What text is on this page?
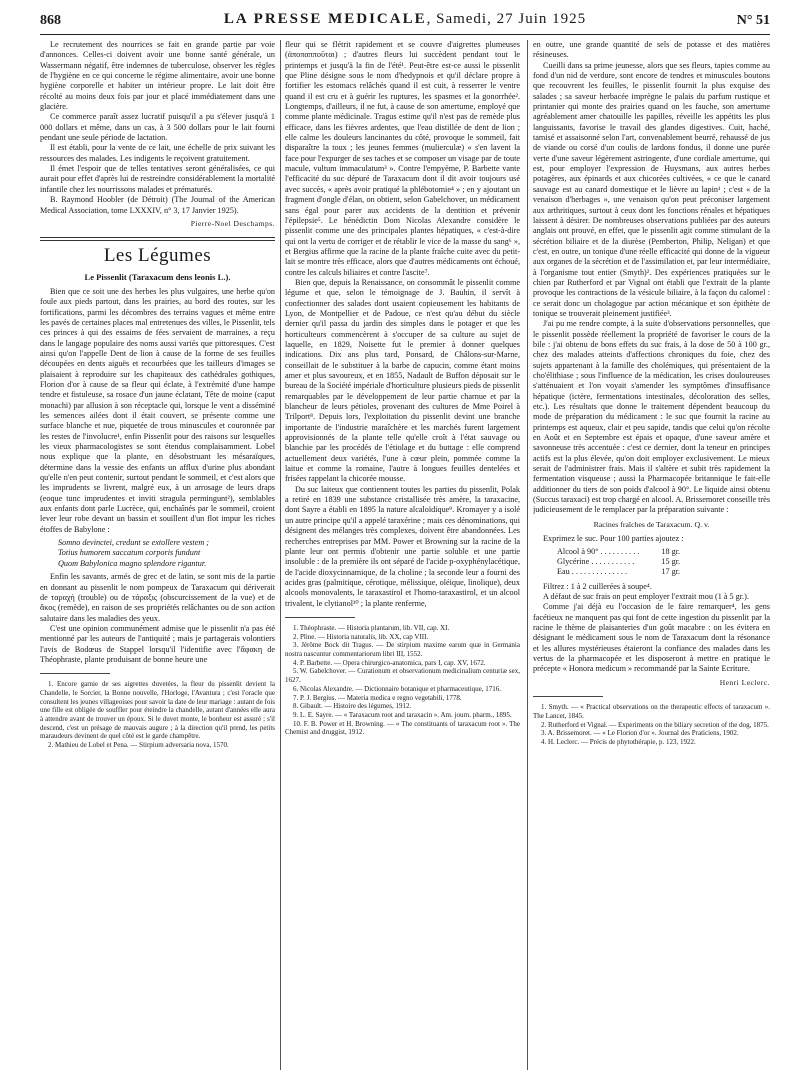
868	LA PRESSE MEDICALE, Samedi, 27 Juin 1925	N° 51

Le recrutement des nourrices se fait en grande partie par voie d'annonces. Celles-ci doivent avoir une bonne santé générale, un Wassermann négatif, être indemnes de tuberculose, observer les règles de l'hygiène en ce qui concerne le régime alimentaire, avoir une bonne hygiène corporelle et habiter un intérieur propre. Le lait doit être récolté au moins deux fois par jour et placé immédiatement dans une glacière.

Ce commerce paraît assez lucratif puisqu'il a pu s'élever jusqu'à 1 000 dollars et même, dans un cas, à 3 500 dollars pour le lait fourni pendant une seule période de lactation.

Il est établi, pour la vente de ce lait, une échelle de prix suivant les ressources des malades. Les indigents le reçoivent gratuitement.

Il émet l'espoir que de telles tentatives seront généralisées, ce qui aurait pour effet d'après lui de restreindre considérablement la mortalité infantile chez les nourrissons malades et prématurés.

B. Raymond Hoobler (de Détroit) (The Journal of the American Medical Association, tome LXXXIV, n° 3, 17 Janvier 1925).

Pierre-Noel Deschamps.
Les Légumes
Le Pissenlit (Taraxacum dens leonis L.).

Bien que ce soit une des herbes les plus vulgaires, une herbe qu'on foule aux pieds partout, dans les prairies, au bord des routes, sur les fortifications, parmi les décombres des terrains vagues et même entre les pavés de certaines places mal entretenues des villes, le Pissenlit, tels ces princes à qui des essaims de fées servaient de marraines, a reçu dans le langage populaire des noms aussi variés que pittoresques. C'est ainsi qu'on l'appelle Dent de lion à cause de la forme de ses feuilles découpées en dents aiguës et recourbées que les tailleurs d'images se plaisaient à reproduire sur les chapiteaux des cathédrales gothiques, Florion d'or à cause de sa fleur qui éclate, à l'extrémité d'une hampe tendre et fistuleuse, sa rosace d'un jaune éclatant, Tête de moine (caput monachi) par allusion à son réceptacle qui, lorsque le vent a disséminé les semences ailées dont il était couvert, se présente comme une surface blanche et nue, piquetée de trous minuscules et couronnée par les restes de l'involucre¹, enfin Pissenlit pour des raisons sur lesquelles les vieux pharmacologistes se sont étendus complaisamment. Lobel nous explique que la plante, en désobstruant les mésaraïques, détermine dans la vessie des enfants un afflux d'urine plus abondant qu'elle n'en peut contenir, surtout pendant le sommeil, et c'est alors que les imprudents se livrent, malgré eux, à un arrosage de leurs draps (eoque tunc imprudentes et inviti stragula permingunt²), semblables aux enfants dont parle Lucrèce, qui, enchaînés par le sommeil, croient lever leur robe devant un bassin et souillent d'un flot impur les riches étoffes de Babylone :

Somno devinctei, credunt se extollere vestem ;
Totius humorem saccatum corporis fundunt
Quom Babylonica magno splendore rigantur.

Enfin les savants, armés de grec et de latin, se sont mis de la partie en donnant au pissenlit le nom pompeux de Taraxacum qui dériverait de ταραχή (trouble) ou de τάραξις (obscurcissement de la vue) et de ἄκος (remède), en raison de ses propriétés relâchantes ou de son action salutaire dans les maladies des yeux.

C'est une opinion communément admise que le pissenlit n'a pas été mentionné par les auteurs de l'antiquité ; mais je partagerais volontiers l'avis de Bodœus de Stappel lorsqu'il l'identifie avec l'ἄφακη de Théophraste, plante produisant de bonne heure une

1. Encore garnie de ses aigrettes duvetées, la fleur du pissenlit devient la Chandelle, le Sorcier, la Bonne nouvelle, l'Horloge, l'Avantura ; c'est l'oracle que consultent les jeunes villageoises pour savoir la date de leur mariage : autant de fois une fille est obligée de souffler pour éteindre la chandelle, autant d'années elle aura à attendre avant de trouver un époux. Si le duvet monte, le bonheur est assuré ; s'il descend, c'est un présage de mauvais augure ; à la direction qu'il prend, les petits maraudeurs devinent de quel côté est le garde champêtre.
2. Mathieu de Lobel et Pena. — Stirpium adversaria nova, 1570.

fleur qui se flétrit rapidement et se couvre d'aigrettes plumeuses (ἀποπαπποῦται) ; d'autres fleurs lui succèdent pendant tout le printemps et jusqu'à la fin de l'été¹. Peut-être est-ce aussi le pissenlit que Pline désigne sous le nom d'hedypnois et qu'il déclare propre à fortifier les estomacs relâchés quand il est cuit, à resserrer le ventre quand il est cru et à guérir les ruptures, les spasmes et la gonorrhée². Longtemps, d'ailleurs, il ne fut, à cause de son amertume, employé que comme plante médicinale. Tragus estime qu'il n'est pas de remède plus efficace, dans les fièvres ardentes, que l'eau distillée de dent de lion ; elle calme les douleurs lancinantes du côté, provoque le sommeil, fait disparaître la toux ; les jeunes femmes (mulierculæ) « s'en lavent la face pour l'expurger de ses taches et se composer un visage par de toute macule, vultum immaculatum³ ». Contre l'empyème, P. Barbette vante l'efficacité du suc dépuré de Taraxacum dont il dit avoir toujours usé avec succès, « après avoir pratiqué la phlébotomie⁴ » ; en y ajoutant un fragment d'ongle d'élan, on obtient, selon Gabelchover, un médicament sans égal pour parer aux accidents de la dentition et prévenir l'épilepsie⁵. Le bénédictin Dom Nicolas Alexandre considère le pissenlit comme une des principales plantes hépatiques, « c'est-à-dire qui ont la vertu de corriger et de rétablir le vice de la masse du sang⁶ », et Bergius affirme que la racine de la plante fraîche cuite avec du petit-lait se montre très efficace, alors que d'autres médicaments ont échoué, contre les calculs biliaires et contre l'ascite⁷.

Bien que, depuis la Renaissance, on consommât le pissenlit comme légume et que, selon le témoignage de J. Bauhin, il servît à confectionner des salades dont usaient copieusement les habitants de Lyon, de Montpellier et de Padoue, ce n'est qu'au début du siècle dernier qu'il passa du jardin des simples dans le potager et que les horticulteurs commencèrent à s'occuper de sa culture au sujet de laquelle, en 1829, Noisette fut le premier à donner quelques indications. Dix ans plus tard, Ponsard, de Châlons-sur-Marne, conseillait de le substituer à la barbe de capucin, comme étant moins amer et plus savoureux, et en 1855, Nadault de Buffon déposait sur le bureau de la Société impériale d'horticulture plusieurs pieds de pissenlit remarquables par le développement de leur partie charnue et par la blancheur de leurs pétioles, provenant des cultures de Mme Poirel à Trilport⁸. Depuis lors, l'exploitation du pissenlit devint une branche importante de l'industrie maraîchère et les marchés furent largement approvisionnés de la plante telle qu'elle croît à l'état sauvage ou blanchie par les procédés de l'étiolage et du buttage : elle comprend actuellement deux variétés, l'une à cœur plein, pommée comme la laitue et comme la romaine, l'autre à longues feuilles dentelées et frisées rappelant la chicorée mousse.

Du suc laiteux que contiennent toutes les parties du pissenlit, Polak a retiré en 1839 une substance cristallisée très amère, la taraxacine, dont Sayre a établi en 1895 la nature alcaloïdique⁹. Kromayer y a isolé un autre principe qu'il a appelé taraxérine ; mais ces dénominations, qui désignent des mélanges très complexes, doivent être abandonnées. Les recherches entreprises par MM. Power et Browning sur la racine de la plante leur ont permis d'obtenir une partie soluble et une partie insoluble : de la première ils ont séparé de l'acide p-oxyphénylacétique, de l'acide dioxycinnamique, de la choline ; la seconde leur a fourni des acides gras (palmitique, cérotique, mélissique, oléique, linolique), deux alcools monovalents, le taraxastirol et l'homo-taraxastirol, et un alcool trivalent, le clytianol¹⁰ ; la plante renferme,

1. Théophraste. — Historia plantarum, lib. VII, cap. XI.
2. Pline. — Historia naturalis, lib. XX, cap VIII.
3. Jérôme Bock dit Tragus. — De stirpium maxime earum quæ in Germania nostra nascuntur commentariorum libri III, 1552.
4. P. Barbette. — Opera chirurgico-anatomica, pars I, cap. XV, 1672.
5. W. Gabelchover. — Curationum et observationum medicinalium centuriæ sex, 1627.
6. Nicolas Alexandre. — Dictionnaire botanique et pharmaceutique, 1716.
7. P. J. Bergius. — Materia medica e regno vegetabili, 1778.
8. Gibault. — Histoire des légumes, 1912.
9. L. E. Sayre. — « Taraxacum root and taraxacin ». Am. journ. pharm., 1895.
10. F. B. Power et H. Browning. — « The constituants of taraxacum root ». The Chemist and druggist, 1912.

en outre, une grande quantité de sels de potasse et des matières résineuses.

Cueilli dans sa prime jeunesse, alors que ses fleurs, tapies comme au fond d'un nid de verdure, sont encore de tendres et minuscules boutons que recouvrent les feuilles, le pissenlit fournit la plus exquise des salades ; sa saveur herbacée imprègne le palais du parfum rustique et printanier qui monte des prairies quand on les fauche, son amertume agréablement amer chatouille les papilles, réveille les appétits les plus languissants, favorise le travail des glandes digestives. Cuit, haché, tamisé et assaisonné selon l'art, convenablement beurré, rehaussé de jus de viande ou corsé d'un coulis de lardons fondus, il donne une purée verte d'une saveur légèrement astringente, d'une cordiale amertume, qui est, pour employer l'expression de Huysmans, aux autres herbes potagères, aux épinards et aux chicorées cultivées, « ce que le canard sauvage est au canard domestique et le lièvre au lapin¹ ; c'est « de la venaison d'herbages », une venaison qu'on peut préconiser largement aux arthritiques, surtout à ceux dont les fonctions rénales et hépatiques laissent à désirer. De nombreuses observations publiées par des auteurs anglais ont prouvé, en effet, que le pissenlit agit comme stimulant de la sécrétion biliaire et de la diurèse (Pemberton, Philip, Neligan) et que c'est, en outre, un tonique d'une réelle efficacité qui donne de la vigueur aux organes de la sécrétion et de l'assimilation et, par leur intermédiaire, à l'organisme tout entier (Smyth)². Des expériences pratiquées sur le chien par Rutherford et par Vignal ont établi que l'extrait de la plante provoque les contractions de la vésicule biliaire, à la façon du calomel : ce serait donc un cholagogue par action mécanique et son épithète de tonique se trouverait pleinement justifiée³.

J'ai pu me rendre compte, à la suite d'observations personnelles, que le pissenlit possède réellement la propriété de favoriser le cours de la bile : j'ai obtenu de bons effets du suc frais, à la dose de 50 à 100 gr., chez des malades atteints d'affections chroniques du foie, chez des sujets appartenant à la famille des cholémiques, qui présentaient de la cho'élithiase ; sous l'influence de la médication, les crises douloureuses s'atténuaient et l'on voyait s'amender les symptômes d'insuffisance hépatique (ictère, fermentations intestinales, décoloration des selles, etc.). Les résultats que donne le traitement dépendent beaucoup du mode de préparation du médicament : le suc que fournit la racine au printemps est aqueux, clair et peu sapide, tandis que celui qu'on récolte en Août et en Septembre est épais et opaque, d'une saveur amère et savonneuse très accentuée : c'est ce dernier, dont la teneur en principes actifs est la plus élevée, qu'on doit employer exclusivement. Le mieux serait de l'administrer frais. Mais il s'altère et subit très rapidement la fermentation visqueuse ; aussi la Pharmacopée britannique le fait-elle additionner du tiers de son poids d'alcool à 90°. Le liquide ainsi obtenu (Succus taraxaci) est trop chargé en alcool. A. Brissemoret conseille très judicieusement de le remplacer par la préparation suivante :

Racines fraîches de Taraxacum. Q. v.

Exprimez le suc. Pour 100 parties ajoutez :

Alcool à 90° . . . . . . . . . .	18 gr.
Glycérine . . . . . . . . . . .	15 gr.
Eau . . . . . . . . . . . . . .	17 gr.

Filtrez : 1 à 2 cuillerées à soupe⁴.

A défaut de suc frais on peut employer l'extrait mou (1 à 5 gr.).

Comme j'ai déjà eu l'occasion de le faire remarquer⁴, les gens facétieux ne manquent pas qui font de cette ingestion du pissenlit par la racine le thème de plaisanteries d'un goût macabre : on les évitera en désignant le médicament sous le nom de Taraxacum dont la résonance et les allures mystérieuses étaieront la confiance des malades dans les vertus de la pharmacopée et les disposeront à mettre en pratique le précepte « Honora medicum » recommandé par la Sainte Ecriture.

Henri Leclerc.
1. Smyth. — « Practical observations on the therapeutic effects of taraxacum ». The Lancet, 1845.
2. Rutherford et Vignal. — Experiments on the biliary secretion of the dog, 1875.
3. A. Brissemoret. — « Le Florion d'or ». Journal des Praticiens, 1902.
4. H. Leclerc. — Précis de phytothérapie, p. 123, 1922.
